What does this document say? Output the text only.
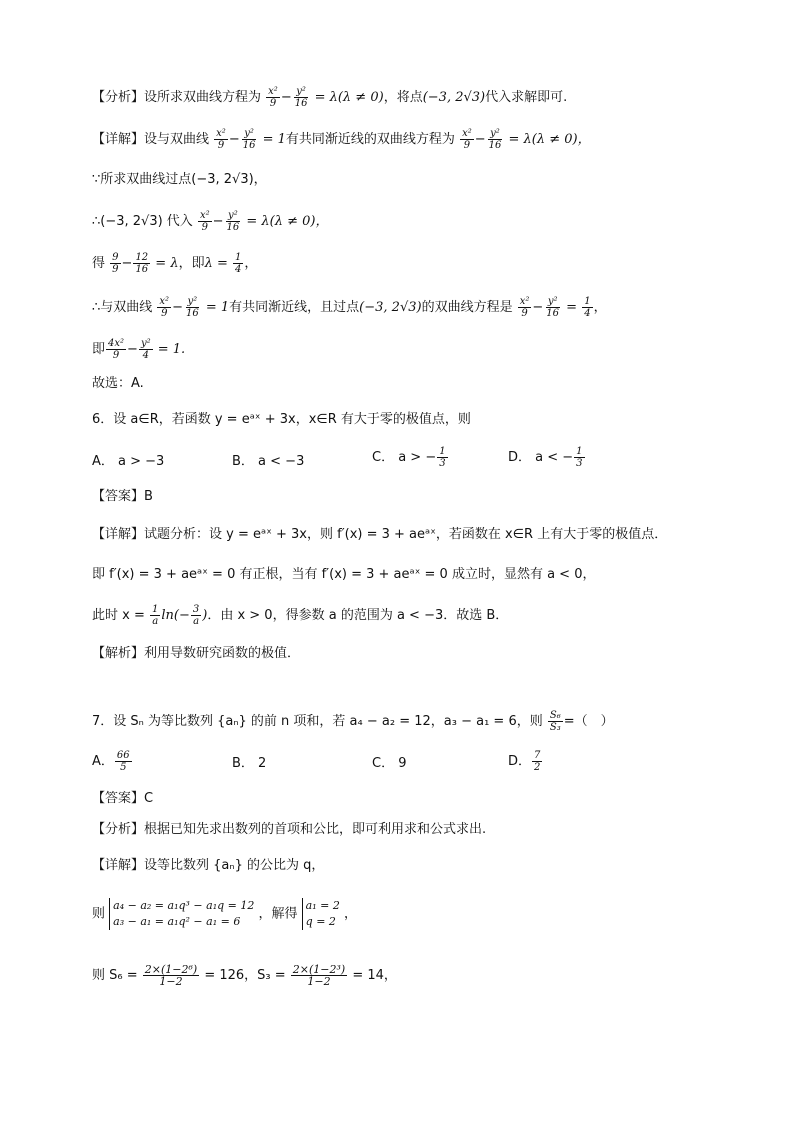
【分析】设所求双曲线方程为 $\frac{\text{x²}}{9} - \frac{\text{y²}}{16} = \lambda(\lambda \ne 0)$，将点(−3, 2√3)代入求解即可.
【详解】设与双曲线 $\frac{\text{x²}}{9} - \frac{\text{y²}}{16} = 1$有共同渐近线的双曲线方程为 $\frac{\text{x²}}{9} - \frac{\text{y²}}{16} = \lambda(\lambda \ne 0)$，
∵所求双曲线过点(−3, 2√3)，
∴(−3, 2√3) 代入 $\frac{\text{x²}}{9} - \frac{\text{y²}}{16} = \lambda(\lambda \ne 0)$，
得 $\frac{9}{9} - \frac{12}{16} = \lambda$，即$\lambda = \frac{1}{4}$ ，
∴与双曲线 $\frac{\text{x²}}{9} - \frac{\text{y²}}{16} = 1$有共同渐近线，且过点(−3, 2√3)的双曲线方程是 $\frac{\text{x²}}{9} - \frac{\text{y²}}{16} = \frac{1}{4}$ ，
即 $\frac{\text{4x²}}{9} - \frac{\text{y²}}{4} = 1$.
故选：A.
6．设 a∈R，若函数 y = eᵃˣ + 3x，x∈R 有大于零的极值点，则
A． a > −3	B． a < −3	C． a > − $\frac{1}{3}$	D． a < − $\frac{1}{3}$
【答案】B
【详解】试题分析：设 y = eᵃˣ + 3x，则 f′(x) = 3 + aeᵃˣ，若函数在 x∈R 上有大于零的极值点．
即 f′(x) = 3 + aeᵃˣ = 0 有正根，当有 f′(x) = 3 + aeᵃˣ = 0 成立时，显然有 a < 0，
此时 $x = \frac{1}{a} \ln(- \frac{3}{a}$ )．由 x > 0，得参数 a 的范围为 a < −3．故选 B．
【解析】利用导数研究函数的极值．
7．设 Sₙ 为等比数列 {aₙ} 的前 n 项和，若 a₄ − a₂ = 12，a₃ − a₁ = 6，则 $\frac{\text{S₆}}{\text{S₃}}$ =（　）
A． $\frac{66}{5}$	B． 2	C． 9	D． $\frac{7}{2}$
【答案】C
【分析】根据已知先求出数列的首项和公比，即可利用求和公式求出.
【详解】设等比数列 {aₙ} 的公比为 q，
则
a₄ − a₂ = a₁q³ − a₁q = 12
a₃ − a₁ = a₁q² − a₁ = 6	，解得
a₁ = 2
q = 2 ，
则 $S_6 = \frac{\text{2×(1−2⁶)}}{1-2} = 126$，$S_3 = \frac{\text{2×(1−2³)}}{1-2} = 14$，
